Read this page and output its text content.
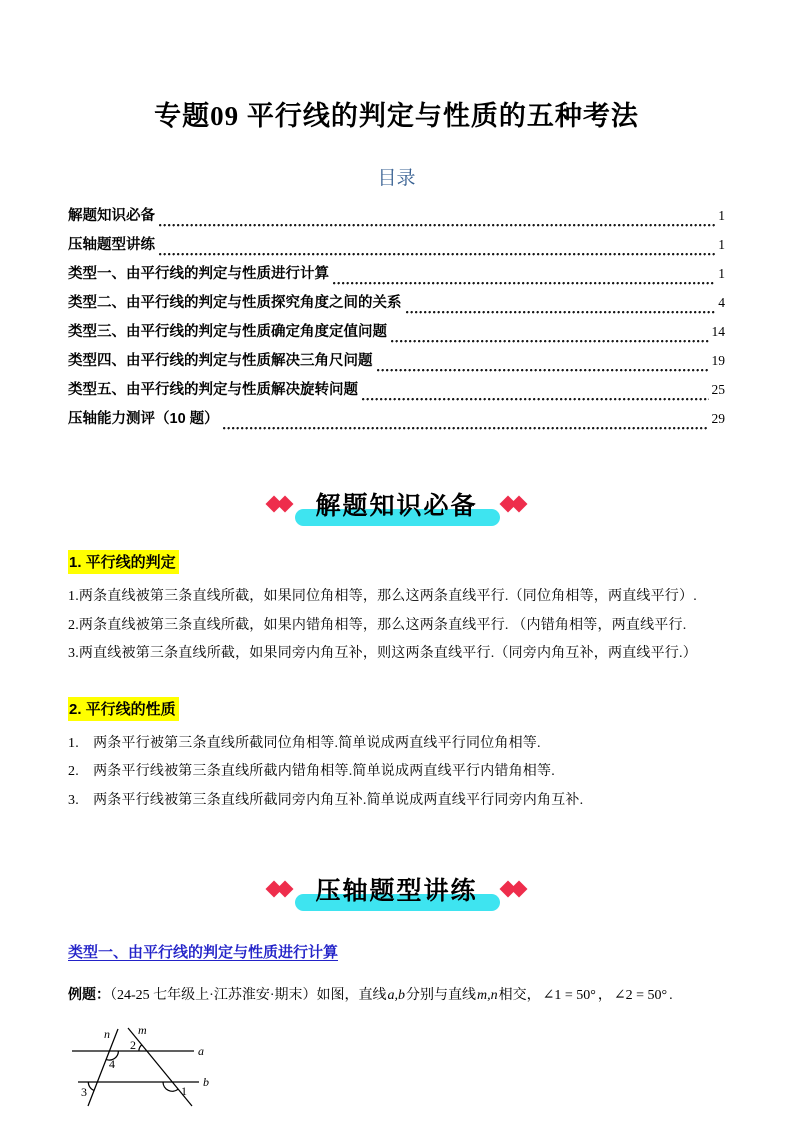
专题09 平行线的判定与性质的五种考法
目录
解题知识必备	1
压轴题型讲练	1
类型一、由平行线的判定与性质进行计算	1
类型二、由平行线的判定与性质探究角度之间的关系	4
类型三、由平行线的判定与性质确定角度定值问题	14
类型四、由平行线的判定与性质解决三角尺问题	19
类型五、由平行线的判定与性质解决旋转问题	25
压轴能力测评（10 题）	29
解题知识必备
1. 平行线的判定

1.两条直线被第三条直线所截，如果同位角相等，那么这两条直线平行.（同位角相等，两直线平行）.

2.两条直线被第三条直线所截，如果内错角相等，那么这两条直线平行. （内错角相等，两直线平行.

3.两直线被第三条直线所截，如果同旁内角互补，则这两条直线平行.（同旁内角互补，两直线平行.）

2. 平行线的性质

1.　两条平行被第三条直线所截同位角相等.简单说成两直线平行同位角相等.

2.　两条平行线被第三条直线所截内错角相等.简单说成两直线平行内错角相等.

3.　两条平行线被第三条直线所截同旁内角互补.简单说成两直线平行同旁内角互补.

压轴题型讲练
类型一、由平行线的判定与性质进行计算

例题：（24-25 七年级上·江苏淮安·期末）如图，直线a,b分别与直线m,n相交， ∠1 = 50° ， ∠2 = 50° .

n m
a
b
2
4
3	1
